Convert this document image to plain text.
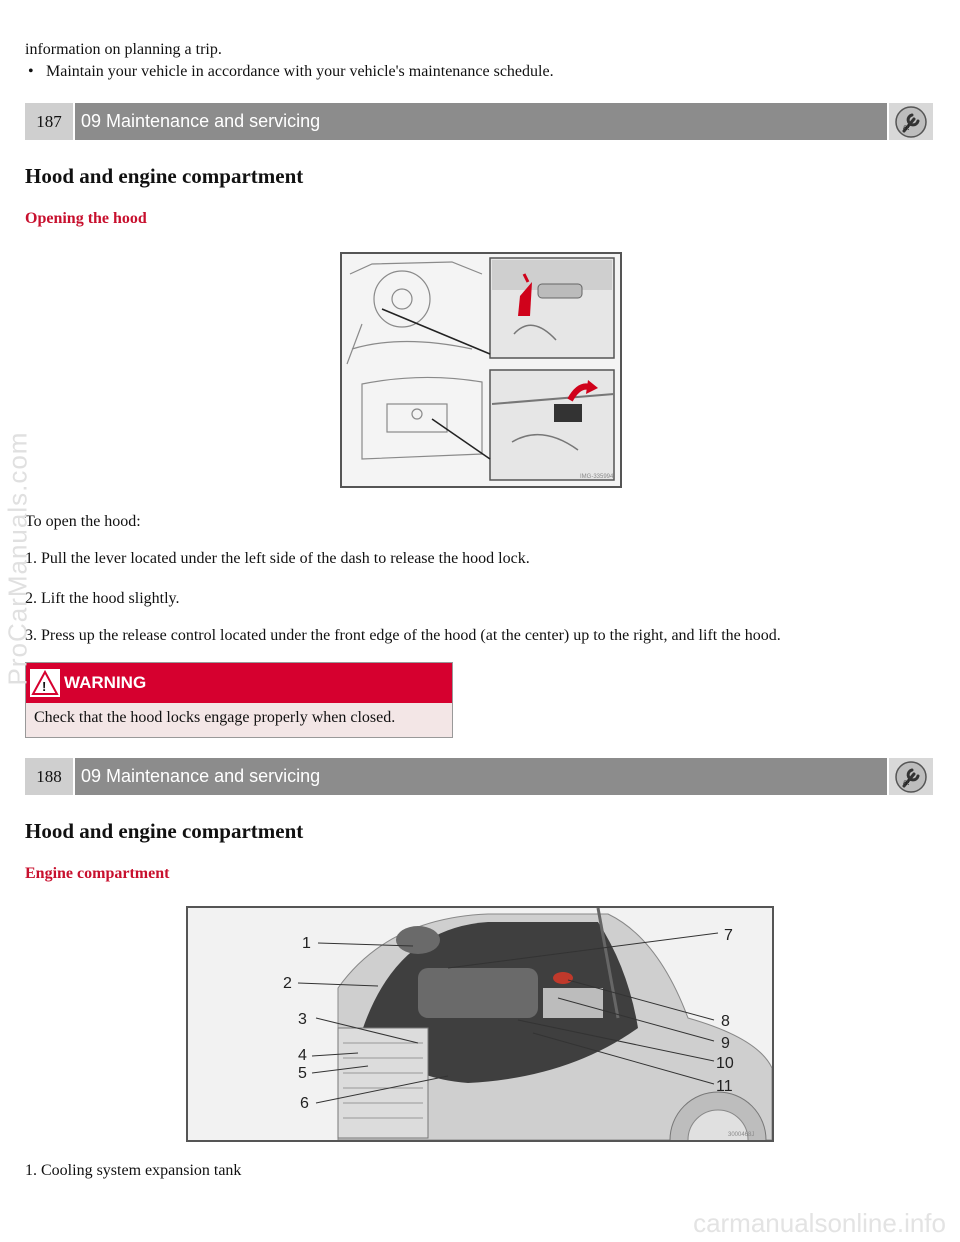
information on planning a trip.
• Maintain your vehicle in accordance with your vehicle's maintenance schedule.
187	09 Maintenance and servicing	a!
Hood and engine compartment
Opening the hood
IMG-335994
To open the hood:
1. Pull the lever located under the left side of the dash to release the hood lock.
2. Lift the hood slightly.
3. Press up the release control located under the front edge of the hood (at the center) up to the right, and lift the hood.
! WARNING
Check that the hood locks engage properly when closed.
188	09 Maintenance and servicing	a!
Hood and engine compartment
Engine compartment
1
2
3
4
5
6
7
8
9
10
11
3000468J
1. Cooling system expansion tank
ProCarManuals.com
carmanualsonline.info
